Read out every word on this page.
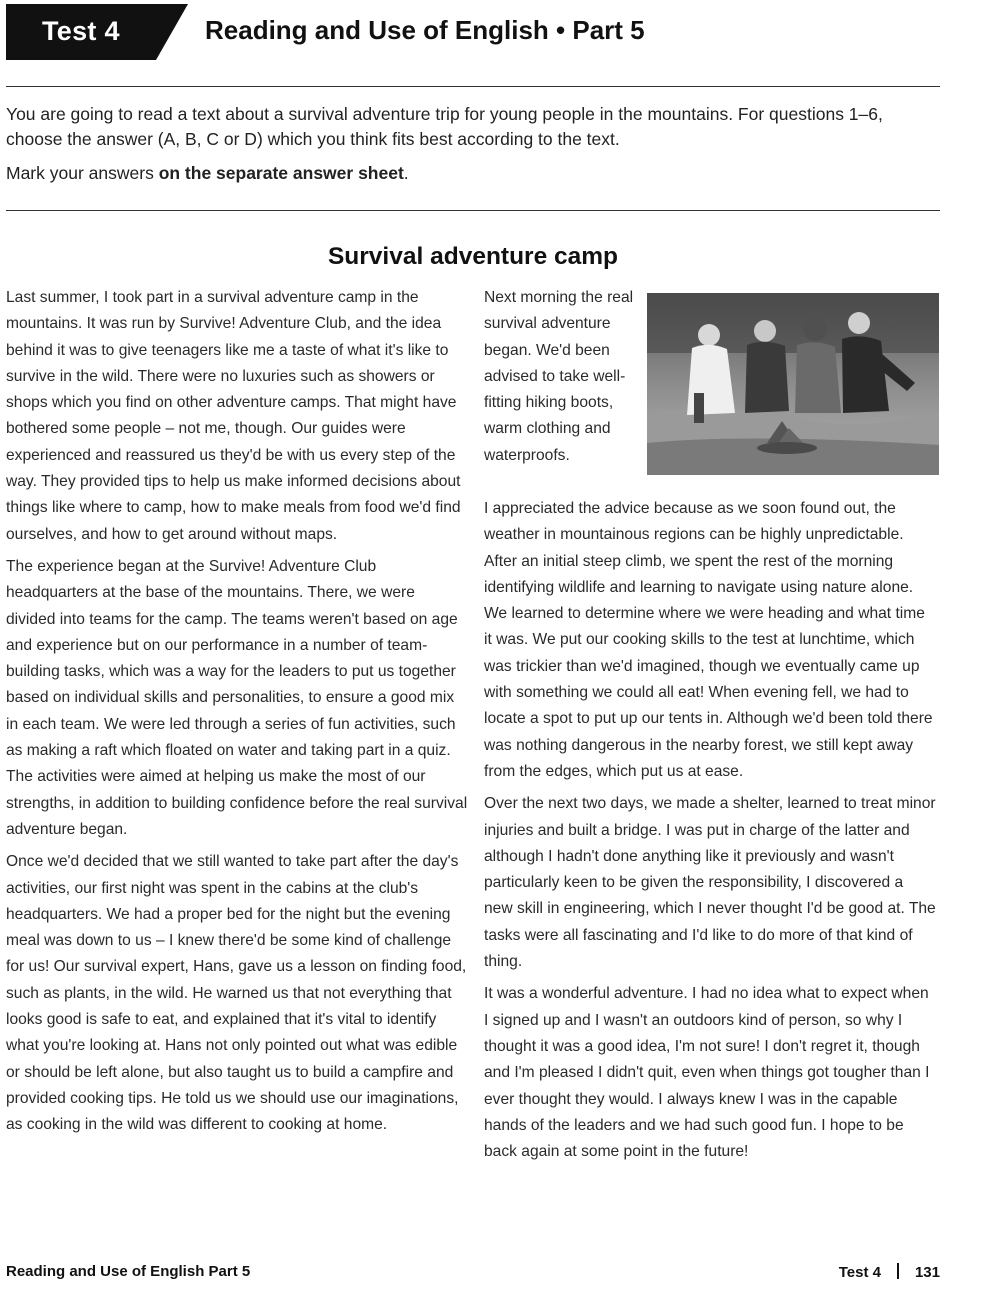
Test 4	Reading and Use of English • Part 5

You are going to read a text about a survival adventure trip for young people in the mountains. For questions 1–6, choose the answer (A, B, C or D) which you think fits best according to the text.

Mark your answers on the separate answer sheet.

Survival adventure camp

Last summer, I took part in a survival adventure camp in the mountains. It was run by Survive! Adventure Club, and the idea behind it was to give teenagers like me a taste of what it's like to survive in the wild. There were no luxuries such as showers or shops which you find on other adventure camps. That might have bothered some people – not me, though. Our guides were experienced and reassured us they'd be with us every step of the way. They provided tips to help us make informed decisions about things like where to camp, how to make meals from food we'd find ourselves, and how to get around without maps.

The experience began at the Survive! Adventure Club headquarters at the base of the mountains. There, we were divided into teams for the camp. The teams weren't based on age and experience but on our performance in a number of team-building tasks, which was a way for the leaders to put us together based on individual skills and personalities, to ensure a good mix in each team. We were led through a series of fun activities, such as making a raft which floated on water and taking part in a quiz. The activities were aimed at helping us make the most of our strengths, in addition to building confidence before the real survival adventure began.

Once we'd decided that we still wanted to take part after the day's activities, our first night was spent in the cabins at the club's headquarters. We had a proper bed for the night but the evening meal was down to us – I knew there'd be some kind of challenge for us! Our survival expert, Hans, gave us a lesson on finding food, such as plants, in the wild. He warned us that not everything that looks good is safe to eat, and explained that it's vital to identify what you're looking at. Hans not only pointed out what was edible or should be left alone, but also taught us to build a campfire and provided cooking tips. He told us we should use our imaginations, as cooking in the wild was different to cooking at home.

Next morning the real survival adventure began. We'd been advised to take well-fitting hiking boots, warm clothing and waterproofs.

I appreciated the advice because as we soon found out, the weather in mountainous regions can be highly unpredictable. After an initial steep climb, we spent the rest of the morning identifying wildlife and learning to navigate using nature alone. We learned to determine where we were heading and what time it was. We put our cooking skills to the test at lunchtime, which was trickier than we'd imagined, though we eventually came up with something we could all eat! When evening fell, we had to locate a spot to put up our tents in. Although we'd been told there was nothing dangerous in the nearby forest, we still kept away from the edges, which put us at ease.

Over the next two days, we made a shelter, learned to treat minor injuries and built a bridge. I was put in charge of the latter and although I hadn't done anything like it previously and wasn't particularly keen to be given the responsibility, I discovered a new skill in engineering, which I never thought I'd be good at. The tasks were all fascinating and I'd like to do more of that kind of thing.

It was a wonderful adventure. I had no idea what to expect when I signed up and I wasn't an outdoors kind of person, so why I thought it was a good idea, I'm not sure! I don't regret it, though and I'm pleased I didn't quit, even when things got tougher than I ever thought they would. I always knew I was in the capable hands of the leaders and we had such good fun. I hope to be back again at some point in the future!

Reading and Use of English Part 5	Test 4 131
